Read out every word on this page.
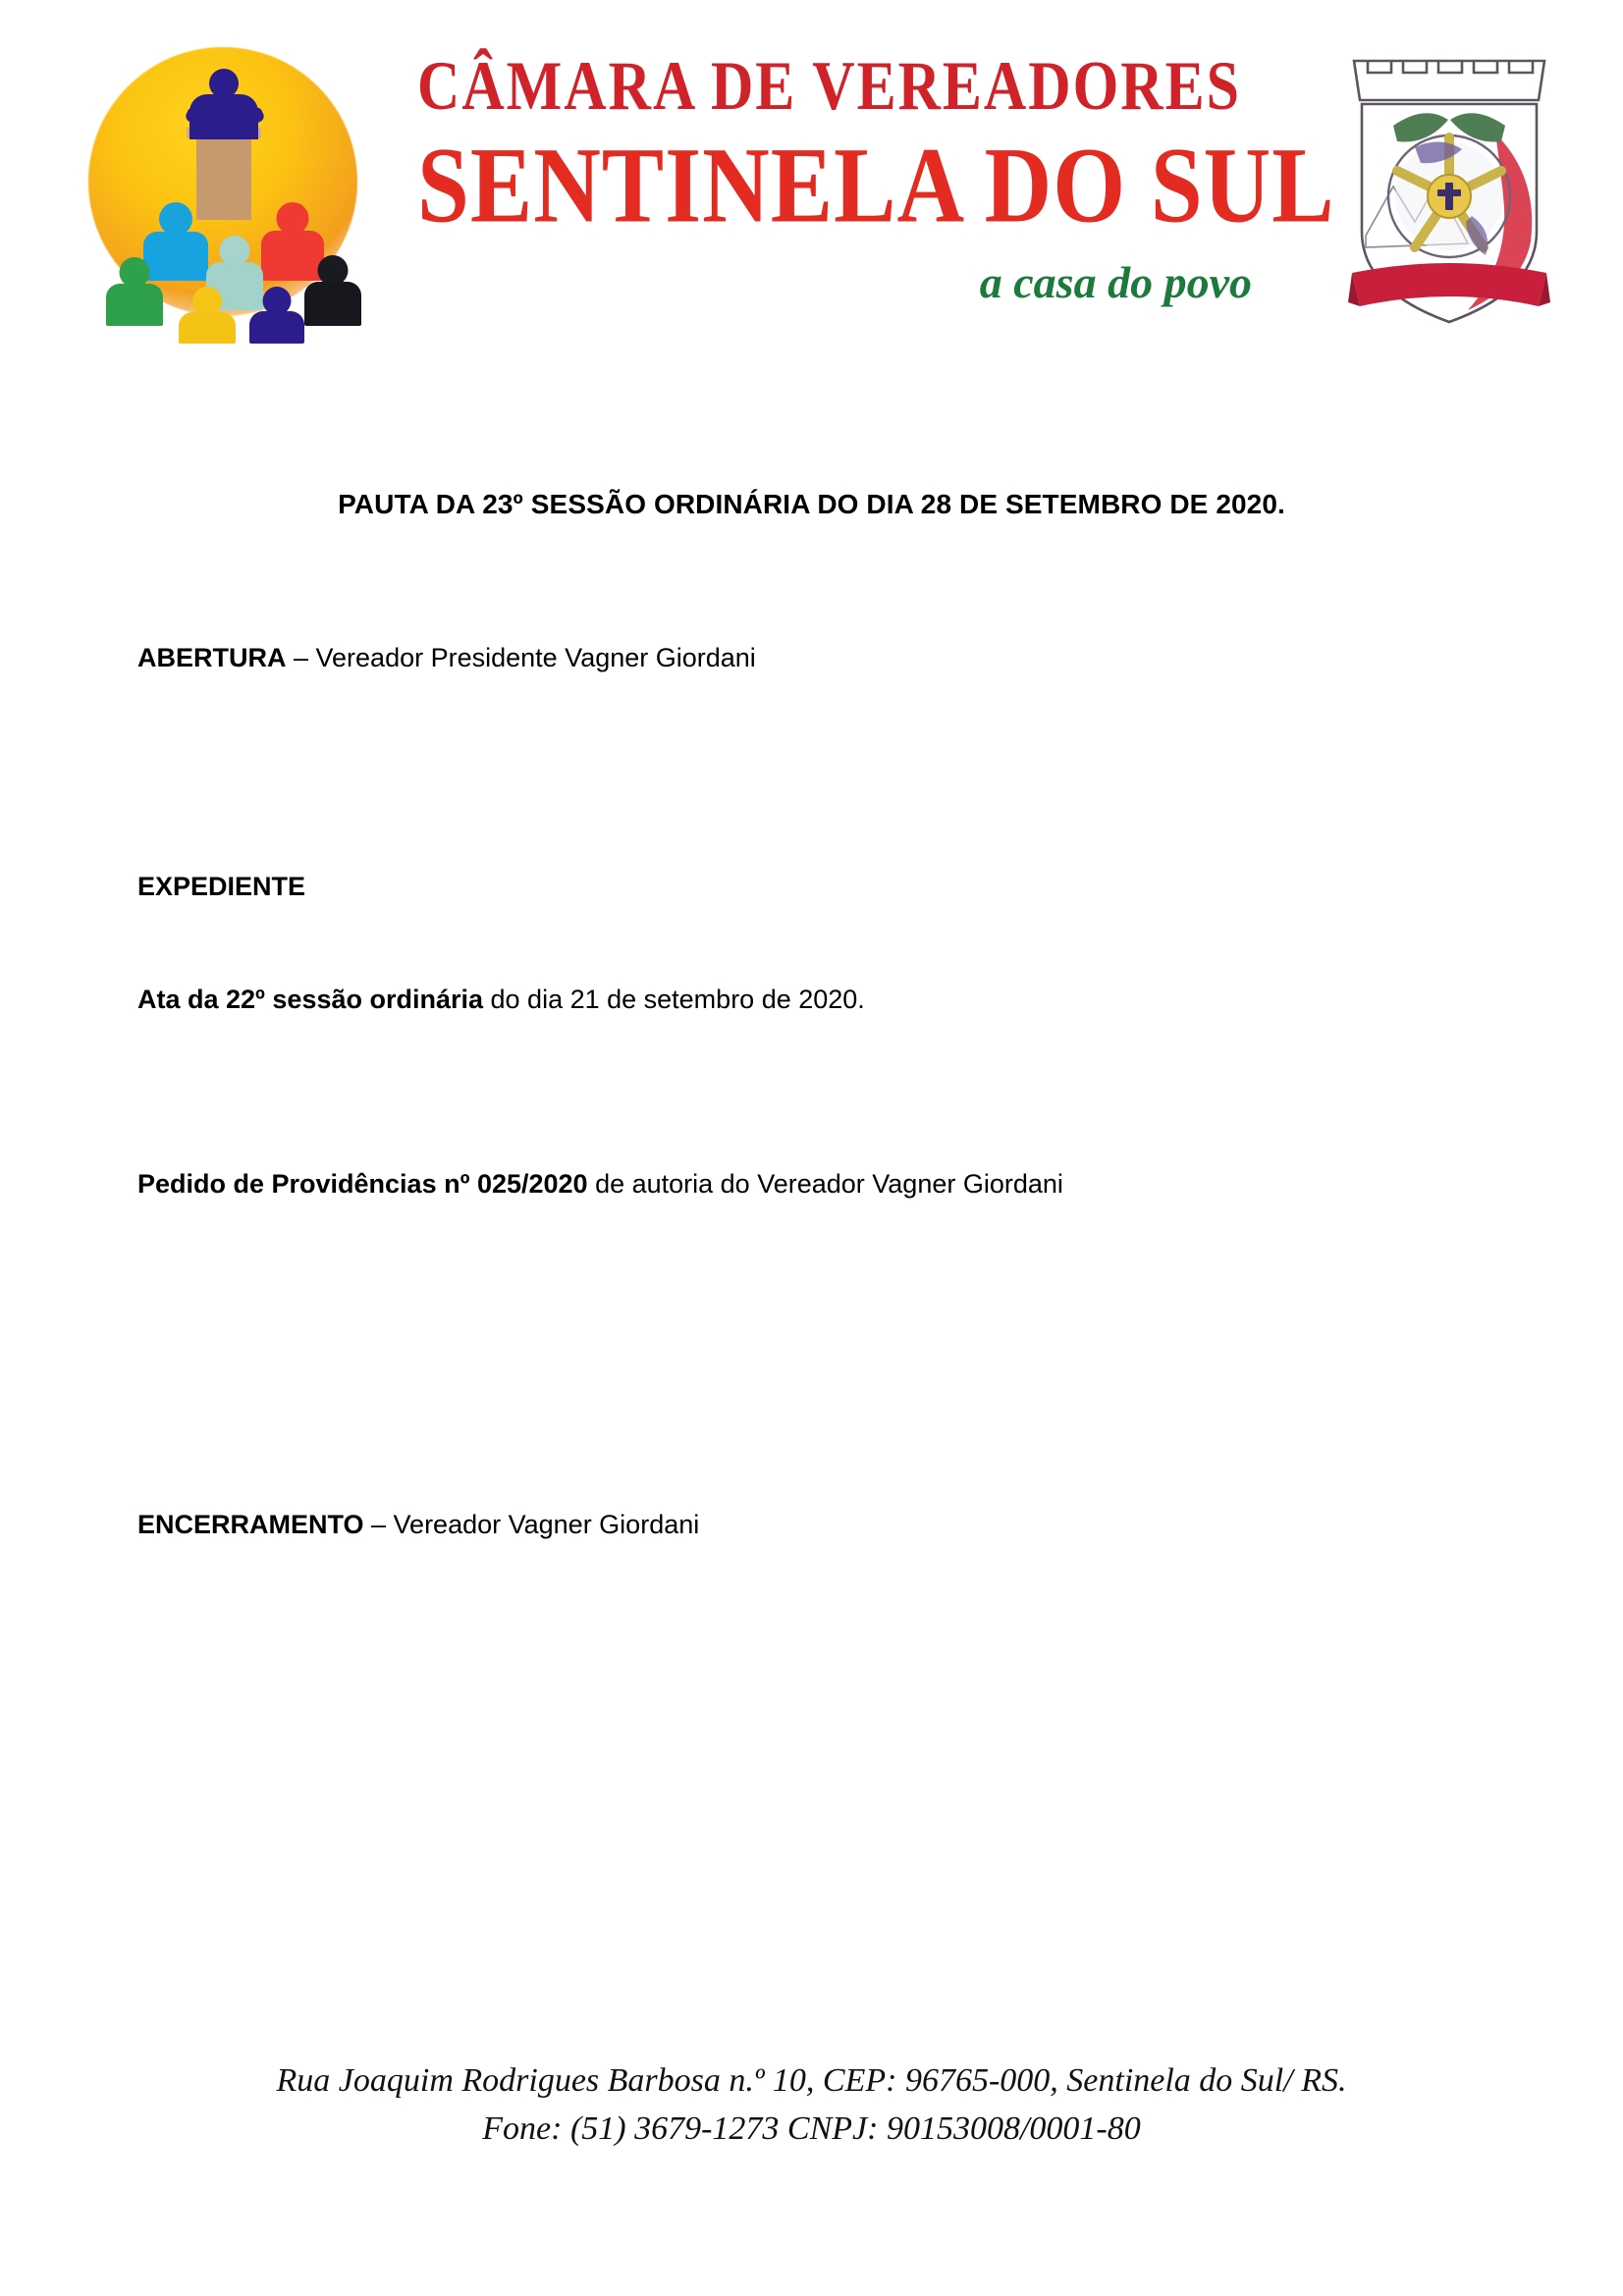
CÂMARA DE VEREADORES
SENTINELA DO SUL
a casa do povo
PAUTA DA 23º SESSÃO ORDINÁRIA DO DIA 28 DE SETEMBRO DE 2020.
ABERTURA – Vereador Presidente Vagner Giordani
EXPEDIENTE
Ata da 22º sessão ordinária do dia 21 de setembro de 2020.
Pedido de Providências nº 025/2020 de autoria do Vereador Vagner Giordani
ENCERRAMENTO – Vereador Vagner Giordani
Rua Joaquim Rodrigues Barbosa n.º 10, CEP: 96765-000, Sentinela do Sul/ RS.
Fone: (51) 3679-1273 CNPJ: 90153008/0001-80
